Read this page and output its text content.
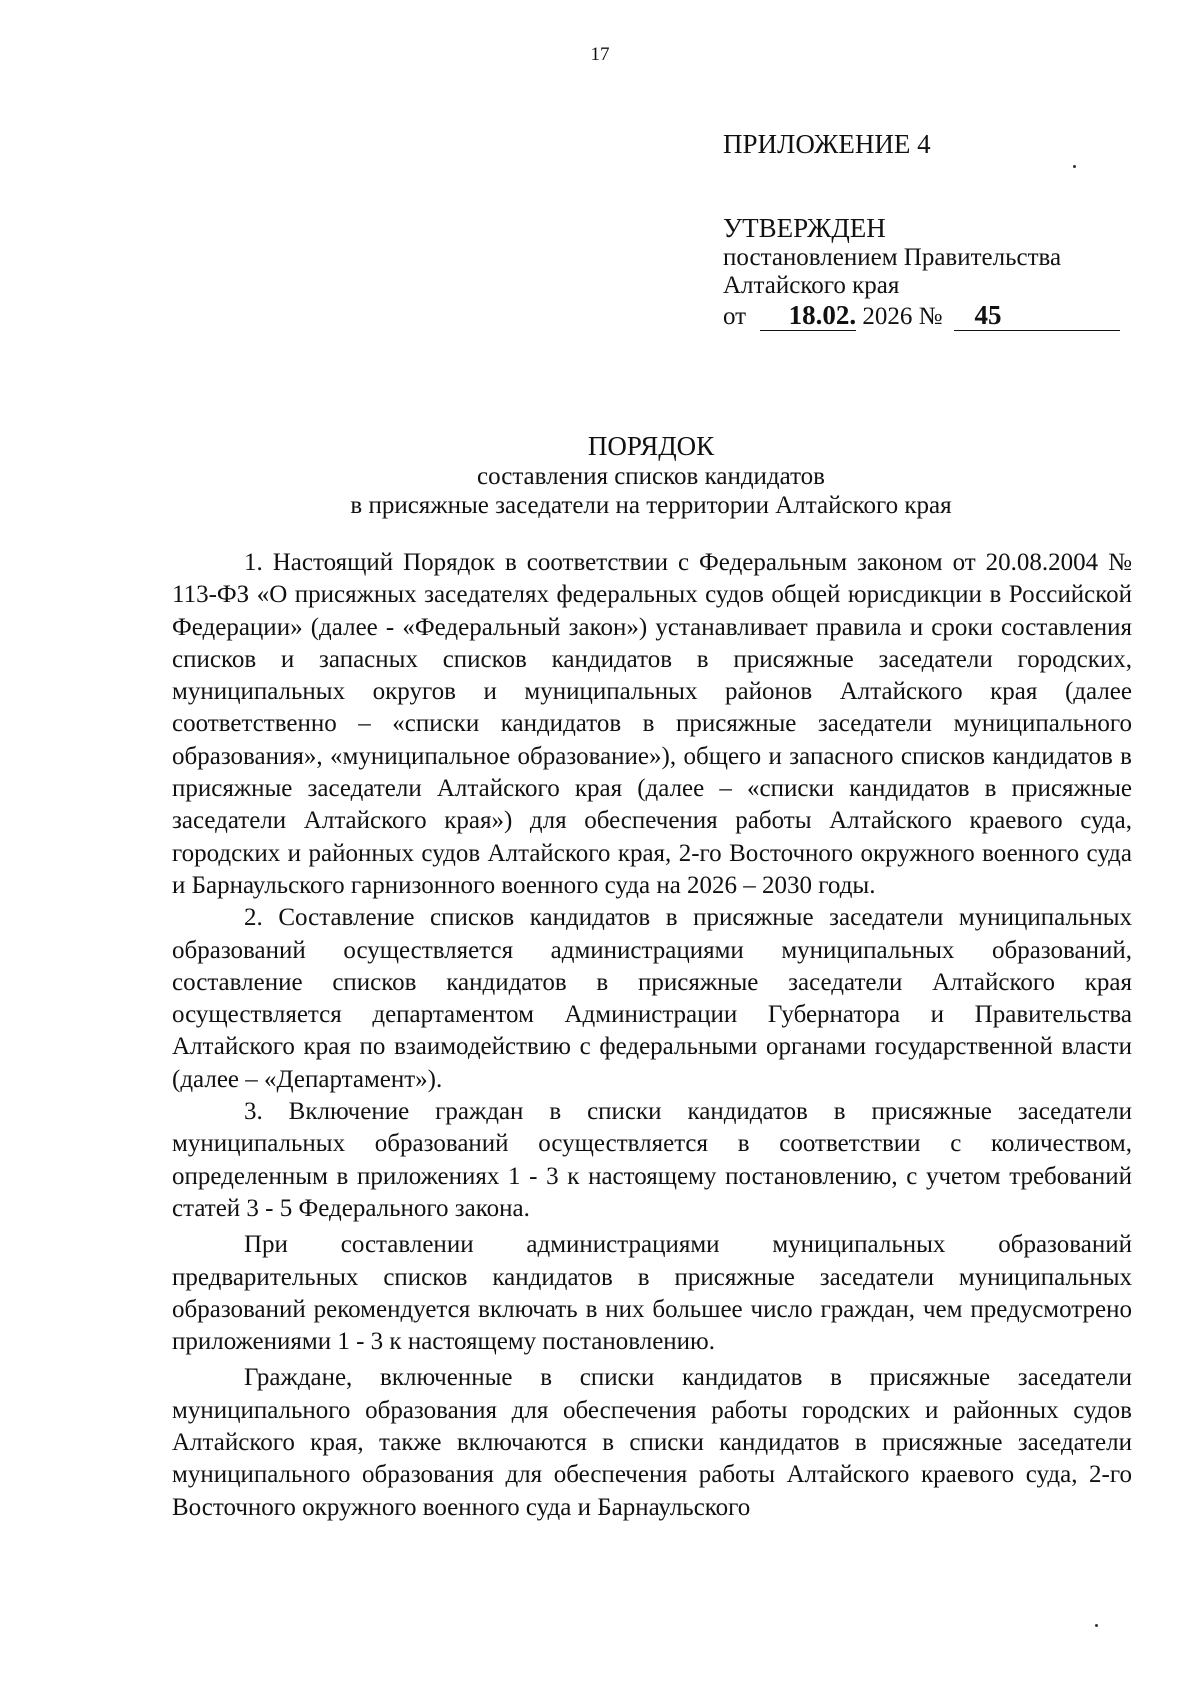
17

ПРИЛОЖЕНИЕ 4

УТВЕРЖДЕН

постановлением Правительства

Алтайского края

от 18.02. 2026 № 45

ПОРЯДОК

составления списков кандидатов

в присяжные заседатели на территории Алтайского края

1. Настоящий Порядок в соответствии с Федеральным законом от 20.08.2004 № 113-ФЗ «О присяжных заседателях федеральных судов общей юрисдикции в Российской Федерации» (далее - «Федеральный закон») устанавливает правила и сроки составления списков и запасных списков кандидатов в присяжные заседатели городских, муниципальных округов и муниципальных районов Алтайского края (далее соответственно – «списки кандидатов в присяжные заседатели муниципального образования», «муниципальное образование»), общего и запасного списков кандидатов в присяжные заседатели Алтайского края (далее – «списки кандидатов в присяжные заседатели Алтайского края») для обеспечения работы Алтайского краевого суда, городских и районных судов Алтайского края, 2-го Восточного окружного военного суда и Барнаульского гарнизонного военного суда на 2026 – 2030 годы.

2. Составление списков кандидатов в присяжные заседатели муниципальных образований осуществляется администрациями муниципальных образований, составление списков кандидатов в присяжные заседатели Алтайского края осуществляется департаментом Администрации Губернатора и Правительства Алтайского края по взаимодействию с федеральными органами государственной власти (далее – «Департамент»).

3. Включение граждан в списки кандидатов в присяжные заседатели муниципальных образований осуществляется в соответствии с количеством, определенным в приложениях 1 - 3 к настоящему постановлению, с учетом требований статей 3 - 5 Федерального закона.

При составлении администрациями муниципальных образований предварительных списков кандидатов в присяжные заседатели муниципальных образований рекомендуется включать в них большее число граждан, чем предусмотрено приложениями 1 - 3 к настоящему постановлению.

Граждане, включенные в списки кандидатов в присяжные заседатели муниципального образования для обеспечения работы городских и районных судов Алтайского края, также включаются в списки кандидатов в присяжные заседатели муниципального образования для обеспечения работы Алтайского краевого суда, 2-го Восточного окружного военного суда и Барнаульского
